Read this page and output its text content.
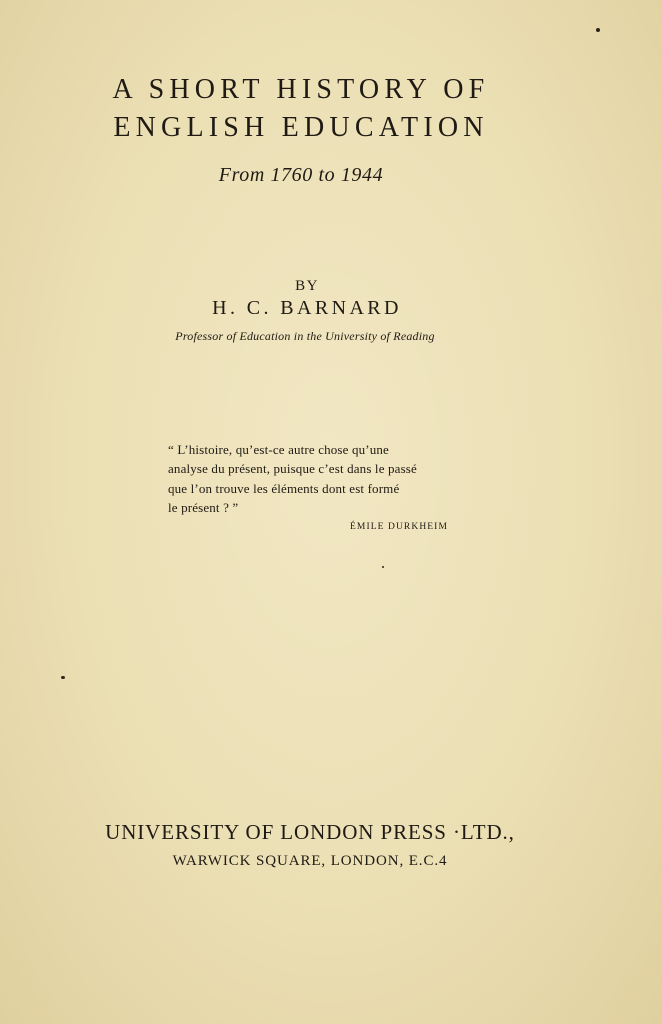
A SHORT HISTORY OF
ENGLISH EDUCATION
From 1760 to 1944
BY
H. C. BARNARD
Professor of Education in the University of Reading
“ L’histoire, qu’est-ce autre chose qu’une
analyse du présent, puisque c’est dans le passé
que l’on trouve les éléments dont est formé
le présent ? ”
ÉMILE DURKHEIM
UNIVERSITY OF LONDON PRESS ·LTD.,
WARWICK SQUARE, LONDON, E.C.4
